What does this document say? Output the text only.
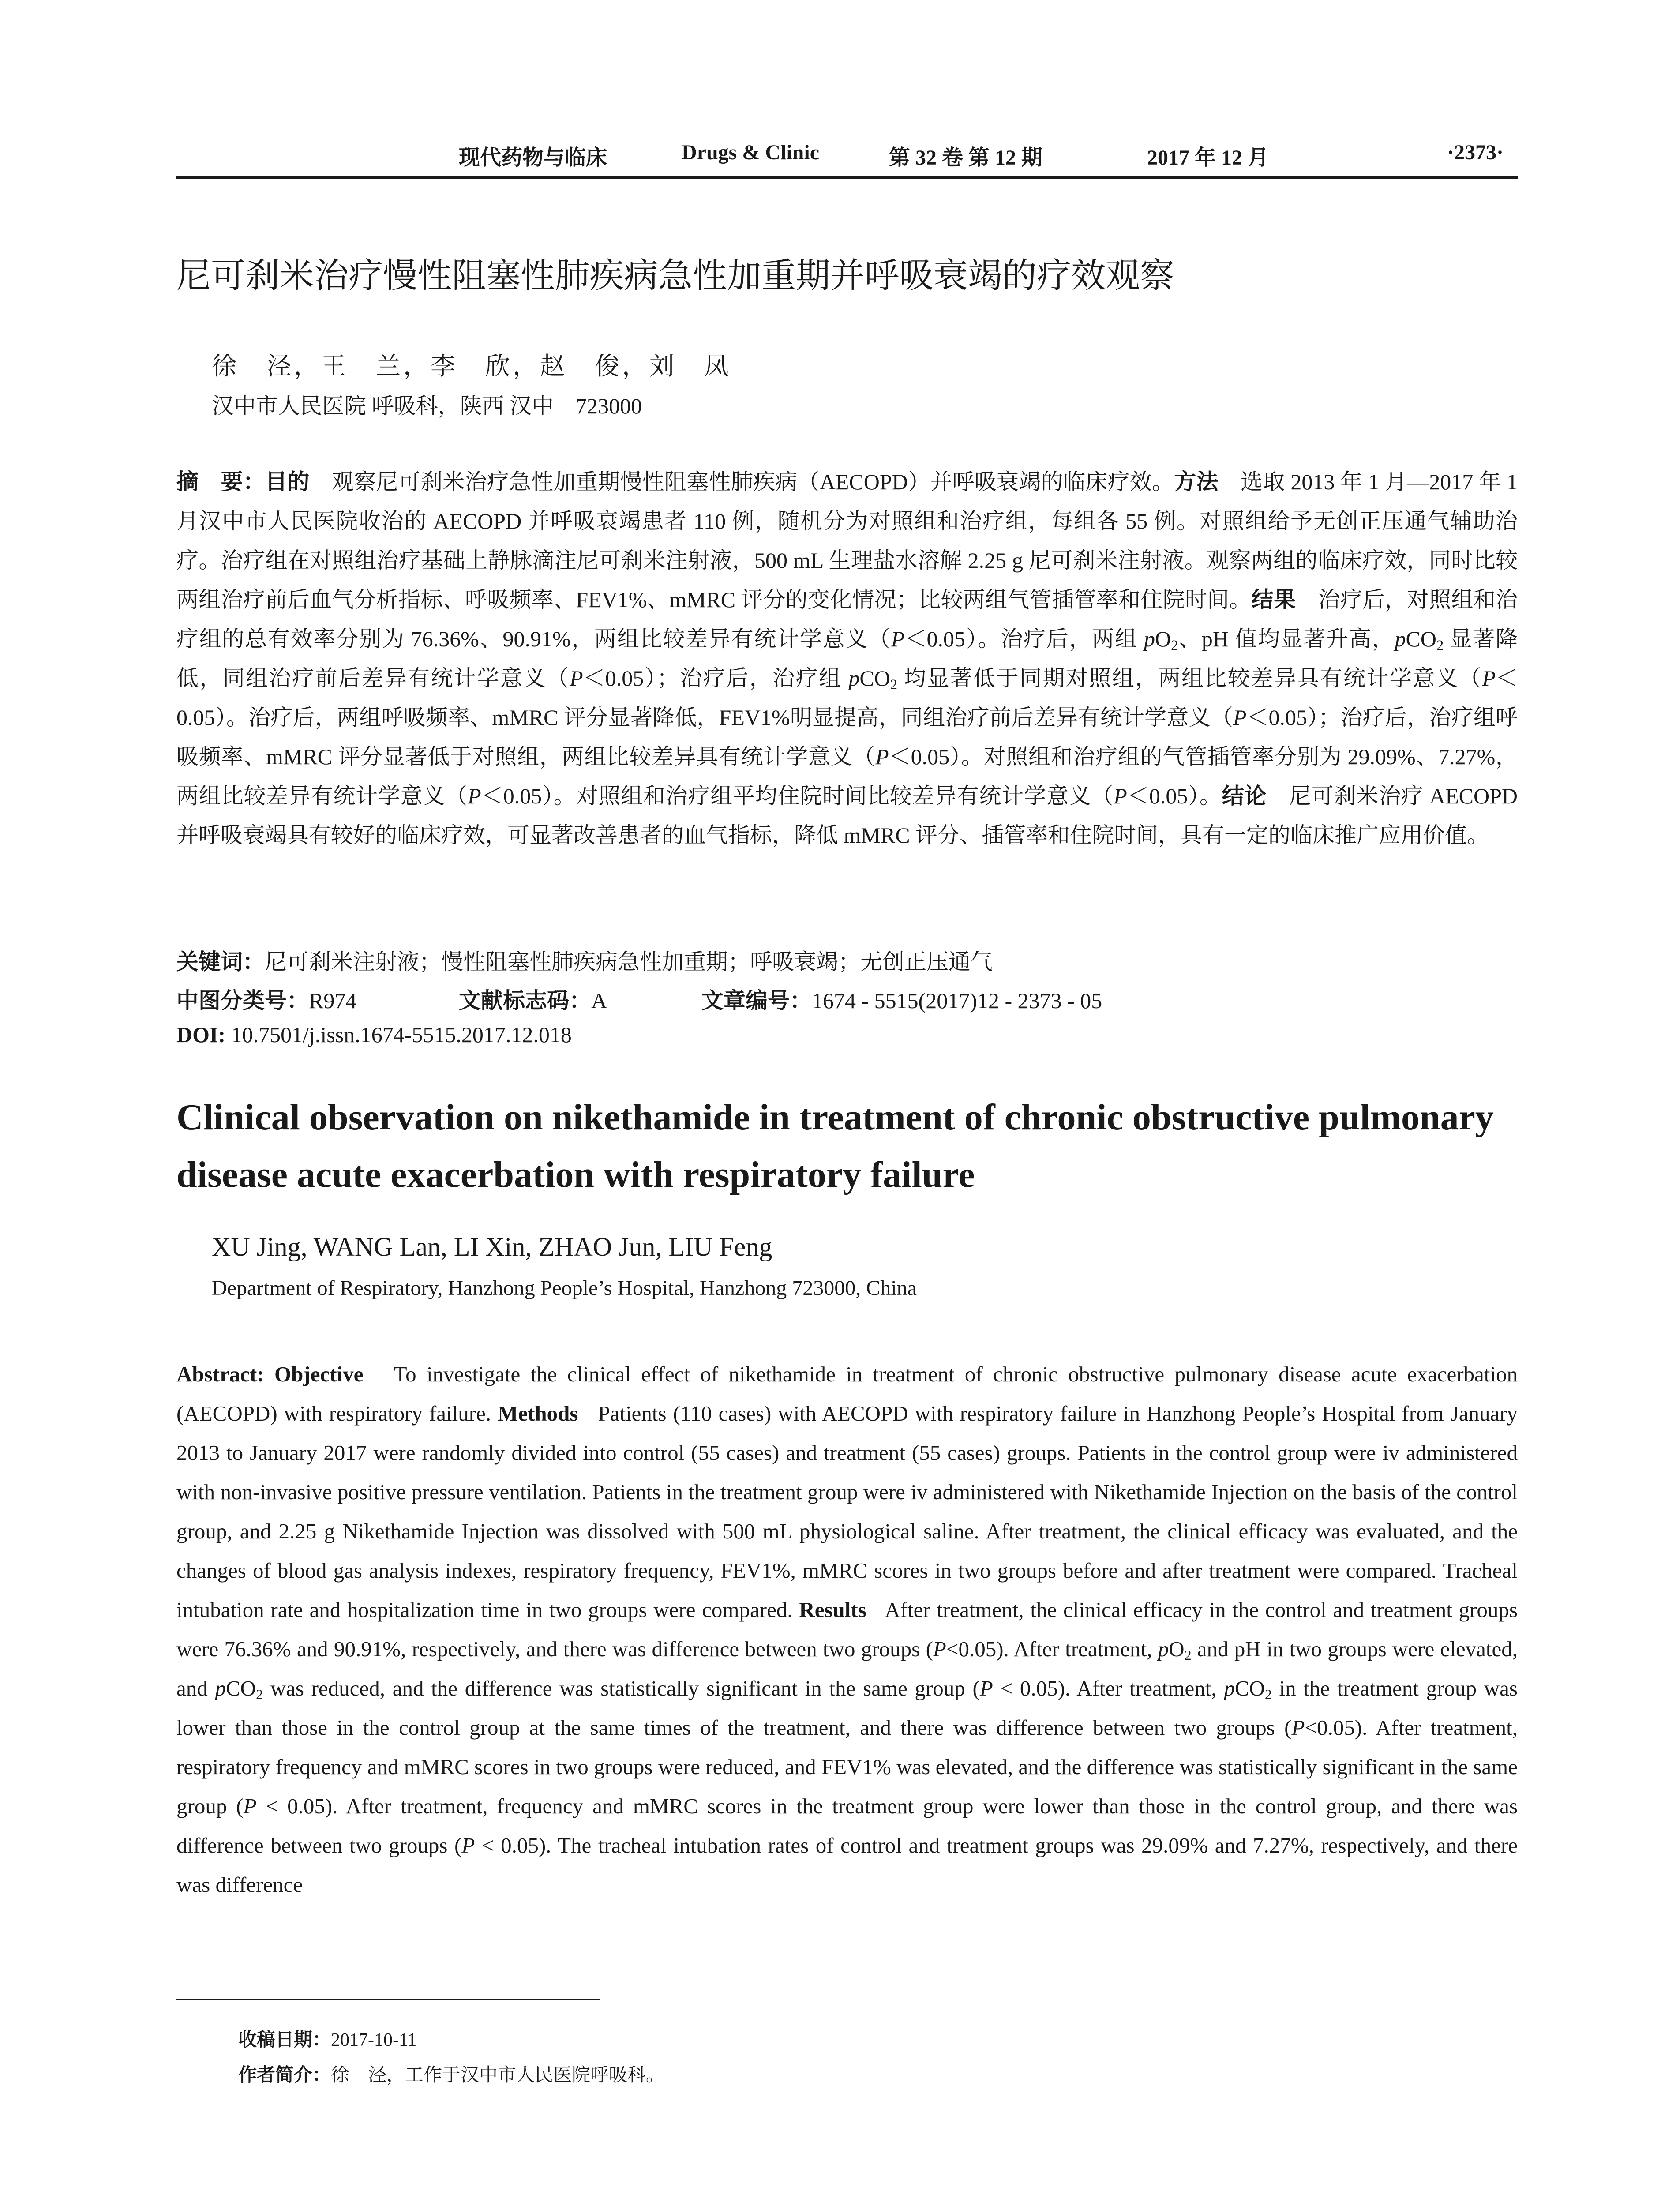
现代药物与临床	Drugs & Clinic	第 32 卷 第 12 期	2017 年 12 月	·2373·
尼可刹米治疗慢性阻塞性肺疾病急性加重期并呼吸衰竭的疗效观察
徐　泾，王　兰，李　欣，赵　俊，刘　凤
汉中市人民医院 呼吸科，陕西 汉中　723000
摘　要：目的　 观察尼可刹米治疗急性加重期慢性阻塞性肺疾病（AECOPD）并呼吸衰竭的临床疗效。方法　 选取 2013 年 1 月—2017 年 1 月汉中市人民医院收治的 AECOPD 并呼吸衰竭患者 110 例，随机分为对照组和治疗组，每组各 55 例。对照组给予无创正压通气辅助治疗。治疗组在对照组治疗基础上静脉滴注尼可刹米注射液，500 mL 生理盐水溶解 2.25 g 尼可刹米注射液。观察两组的临床疗效，同时比较两组治疗前后血气分析指标、呼吸频率、FEV1%、mMRC 评分的变化情况；比较两组气管插管率和住院时间。结果　 治疗后，对照组和治疗组的总有效率分别为 76.36%、90.91%，两组比较差异有统计学意义（P＜0.05）。治疗后，两组 $pO_2$、pH 值均显著升高，pCO$_2$ 显著降低，同组治疗前后差异有统计学意义（P＜0.05）；治疗后，治疗组 pCO$_2$ 均显著低于同期对照组，两组比较差异具有统计学意义（P＜0.05）。治疗后，两组呼吸频率、mMRC 评分显著降低，FEV1%明显提高，同组治疗前后差异有统计学意义（P＜0.05）；治疗后，治疗组呼吸频率、mMRC 评分显著低于对照组，两组比较差异具有统计学意义（P＜0.05）。对照组和治疗组的气管插管率分别为 29.09%、7.27%，两组比较差异有统计学意义（P＜0.05）。对照组和治疗组平均住院时间比较差异有统计学意义（P＜0.05）。结论　 尼可刹米治疗 AECOPD 并呼吸衰竭具有较好的临床疗效，可显著改善患者的血气指标，降低 mMRC 评分、插管率和住院时间，具有一定的临床推广应用价值。
关键词：尼可刹米注射液；慢性阻塞性肺疾病急性加重期；呼吸衰竭；无创正压通气
中图分类号：R974	文献标志码：A	文章编号：1674 - 5515(2017)12 - 2373 - 05
DOI: 10.7501/j.issn.1674-5515.2017.12.018
Clinical observation on nikethamide in treatment of chronic obstructive pulmonary disease acute exacerbation with respiratory failure
XU Jing, WANG Lan, LI Xin, ZHAO Jun, LIU Feng
Department of Respiratory, Hanzhong People’s Hospital, Hanzhong 723000, China
Abstract: Objective To investigate the clinical effect of nikethamide in treatment of chronic obstructive pulmonary disease acute exacerbation (AECOPD) with respiratory failure. Methods Patients (110 cases) with AECOPD with respiratory failure in Hanzhong People’s Hospital from January 2013 to January 2017 were randomly divided into control (55 cases) and treatment (55 cases) groups. Patients in the control group were iv administered with non-invasive positive pressure ventilation. Patients in the treatment group were iv administered with Nikethamide Injection on the basis of the control group, and 2.25 g Nikethamide Injection was dissolved with 500 mL physiological saline. After treatment, the clinical efficacy was evaluated, and the changes of blood gas analysis indexes, respiratory frequency, FEV1%, mMRC scores in two groups before and after treatment were compared. Tracheal intubation rate and hospitalization time in two groups were compared. Results After treatment, the clinical efficacy in the control and treatment groups were 76.36% and 90.91%, respectively, and there was difference between two groups (P<0.05). After treatment, $pO_2$ and pH in two groups were elevated, and pCO$_2$ was reduced, and the difference was statistically significant in the same group (P < 0.05). After treatment, pCO$_2$ in the treatment group was lower than those in the control group at the same times of the treatment, and there was difference between two groups (P<0.05). After treatment, respiratory frequency and mMRC scores in two groups were reduced, and FEV1% was elevated, and the difference was statistically significant in the same group (P < 0.05). After treatment, frequency and mMRC scores in the treatment group were lower than those in the control group, and there was difference between two groups (P < 0.05). The tracheal intubation rates of control and treatment groups was 29.09% and 7.27%, respectively, and there was difference
收稿日期：2017-10-11
作者简介：徐　泾，工作于汉中市人民医院呼吸科。
